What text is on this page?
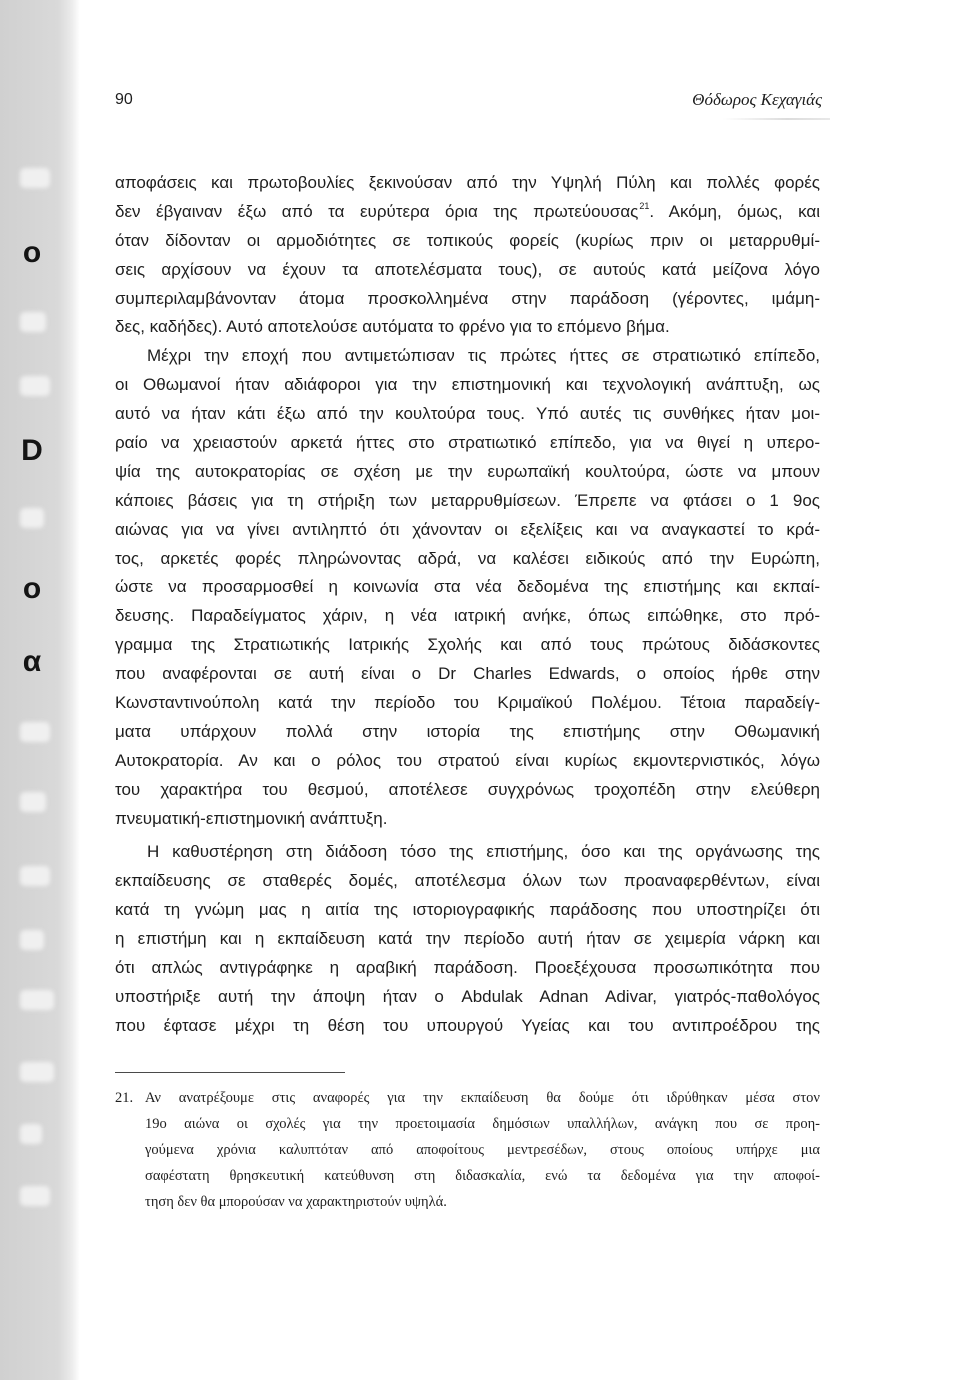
o
D
o
α
90	Θόδωρος Κεχαγιάς
αποφάσεις και πρωτοβουλίες ξεκινούσαν από την Υψηλή Πύλη και πολλές φορές
δεν έβγαιναν έξω από τα ευρύτερα όρια της πρωτεύουσας$^{21}$. Ακόμη, όμως, και
όταν δίδονταν οι αρμοδιότητες σε τοπικούς φορείς (κυρίως πριν οι μεταρρυθμί-
σεις αρχίσουν να έχουν τα αποτελέσματα τους), σε αυτούς κατά μείζονα λόγο
συμπεριλαμβάνονταν άτομα προσκολλημένα στην παράδοση (γέροντες, ιμάμη-
δες, καδήδες). Αυτό αποτελούσε αυτόματα το φρένο για το επόμενο βήμα.
Μέχρι την εποχή που αντιμετώπισαν τις πρώτες ήττες σε στρατιωτικό επίπεδο,
οι Οθωμανοί ήταν αδιάφοροι για την επιστημονική και τεχνολογική ανάπτυξη, ως
αυτό να ήταν κάτι έξω από την κουλτούρα τους. Υπό αυτές τις συνθήκες ήταν μοι-
ραίο να χρειαστούν αρκετά ήττες στο στρατιωτικό επίπεδο, για να θιγεί η υπερο-
ψία της αυτοκρατορίας σε σχέση με την ευρωπαϊκή κουλτούρα, ώστε να μπουν
κάποιες βάσεις για τη στήριξη των μεταρρυθμίσεων. Έπρεπε να φτάσει ο 1 9ος
αιώνας για να γίνει αντιληπτό ότι χάνονταν οι εξελίξεις και να αναγκαστεί το κρά-
τος, αρκετές φορές πληρώνοντας αδρά, να καλέσει ειδικούς από την Ευρώπη,
ώστε να προσαρμοσθεί η κοινωνία στα νέα δεδομένα της επιστήμης και εκπαί-
δευσης. Παραδείγματος χάριν, η νέα ιατρική ανήκε, όπως ειπώθηκε, στο πρό-
γραμμα της Στρατιωτικής Ιατρικής Σχολής και από τους πρώτους διδάσκοντες
που αναφέρονται σε αυτή είναι ο Dr Charles Edwards, ο οποίος ήρθε στην
Κωνσταντινούπολη κατά την περίοδο του Κριμαϊκού Πολέμου. Τέτοια παραδείγ-
ματα υπάρχουν πολλά στην ιστορία της επιστήμης στην Οθωμανική
Αυτοκρατορία. Αν και ο ρόλος του στρατού είναι κυρίως εκμοντερνιστικός, λόγω
του χαρακτήρα του θεσμού, αποτέλεσε συγχρόνως τροχοπέδη στην ελεύθερη
πνευματική-επιστημονική ανάπτυξη.
Η καθυστέρηση στη διάδοση τόσο της επιστήμης, όσο και της οργάνωσης της
εκπαίδευσης σε σταθερές δομές, αποτέλεσμα όλων των προαναφερθέντων, είναι
κατά τη γνώμη μας η αιτία της ιστοριογραφικής παράδοσης που υποστηρίζει ότι
η επιστήμη και η εκπαίδευση κατά την περίοδο αυτή ήταν σε χειμερία νάρκη και
ότι απλώς αντιγράφηκε η αραβική παράδοση. Προεξέχουσα προσωπικότητα που
υποστήριξε αυτή την άποψη ήταν ο Abdulak Adnan Adivar, γιατρός-παθολόγος
που έφτασε μέχρι τη θέση του υπουργού Υγείας και του αντιπροέδρου της
21. Αν ανατρέξουμε στις αναφορές για την εκπαίδευση θα δούμε ότι ιδρύθηκαν μέσα στον
19ο αιώνα οι σχολές για την προετοιμασία δημόσιων υπαλλήλων, ανάγκη που σε προη-
γούμενα χρόνια καλυπτόταν από αποφοίτους μεντρεσέδων, στους οποίους υπήρχε μια
σαφέστατη θρησκευτική κατεύθυνση στη διδασκαλία, ενώ τα δεδομένα για την αποφοί-
τηση δεν θα μπορούσαν να χαρακτηριστούν υψηλά.
